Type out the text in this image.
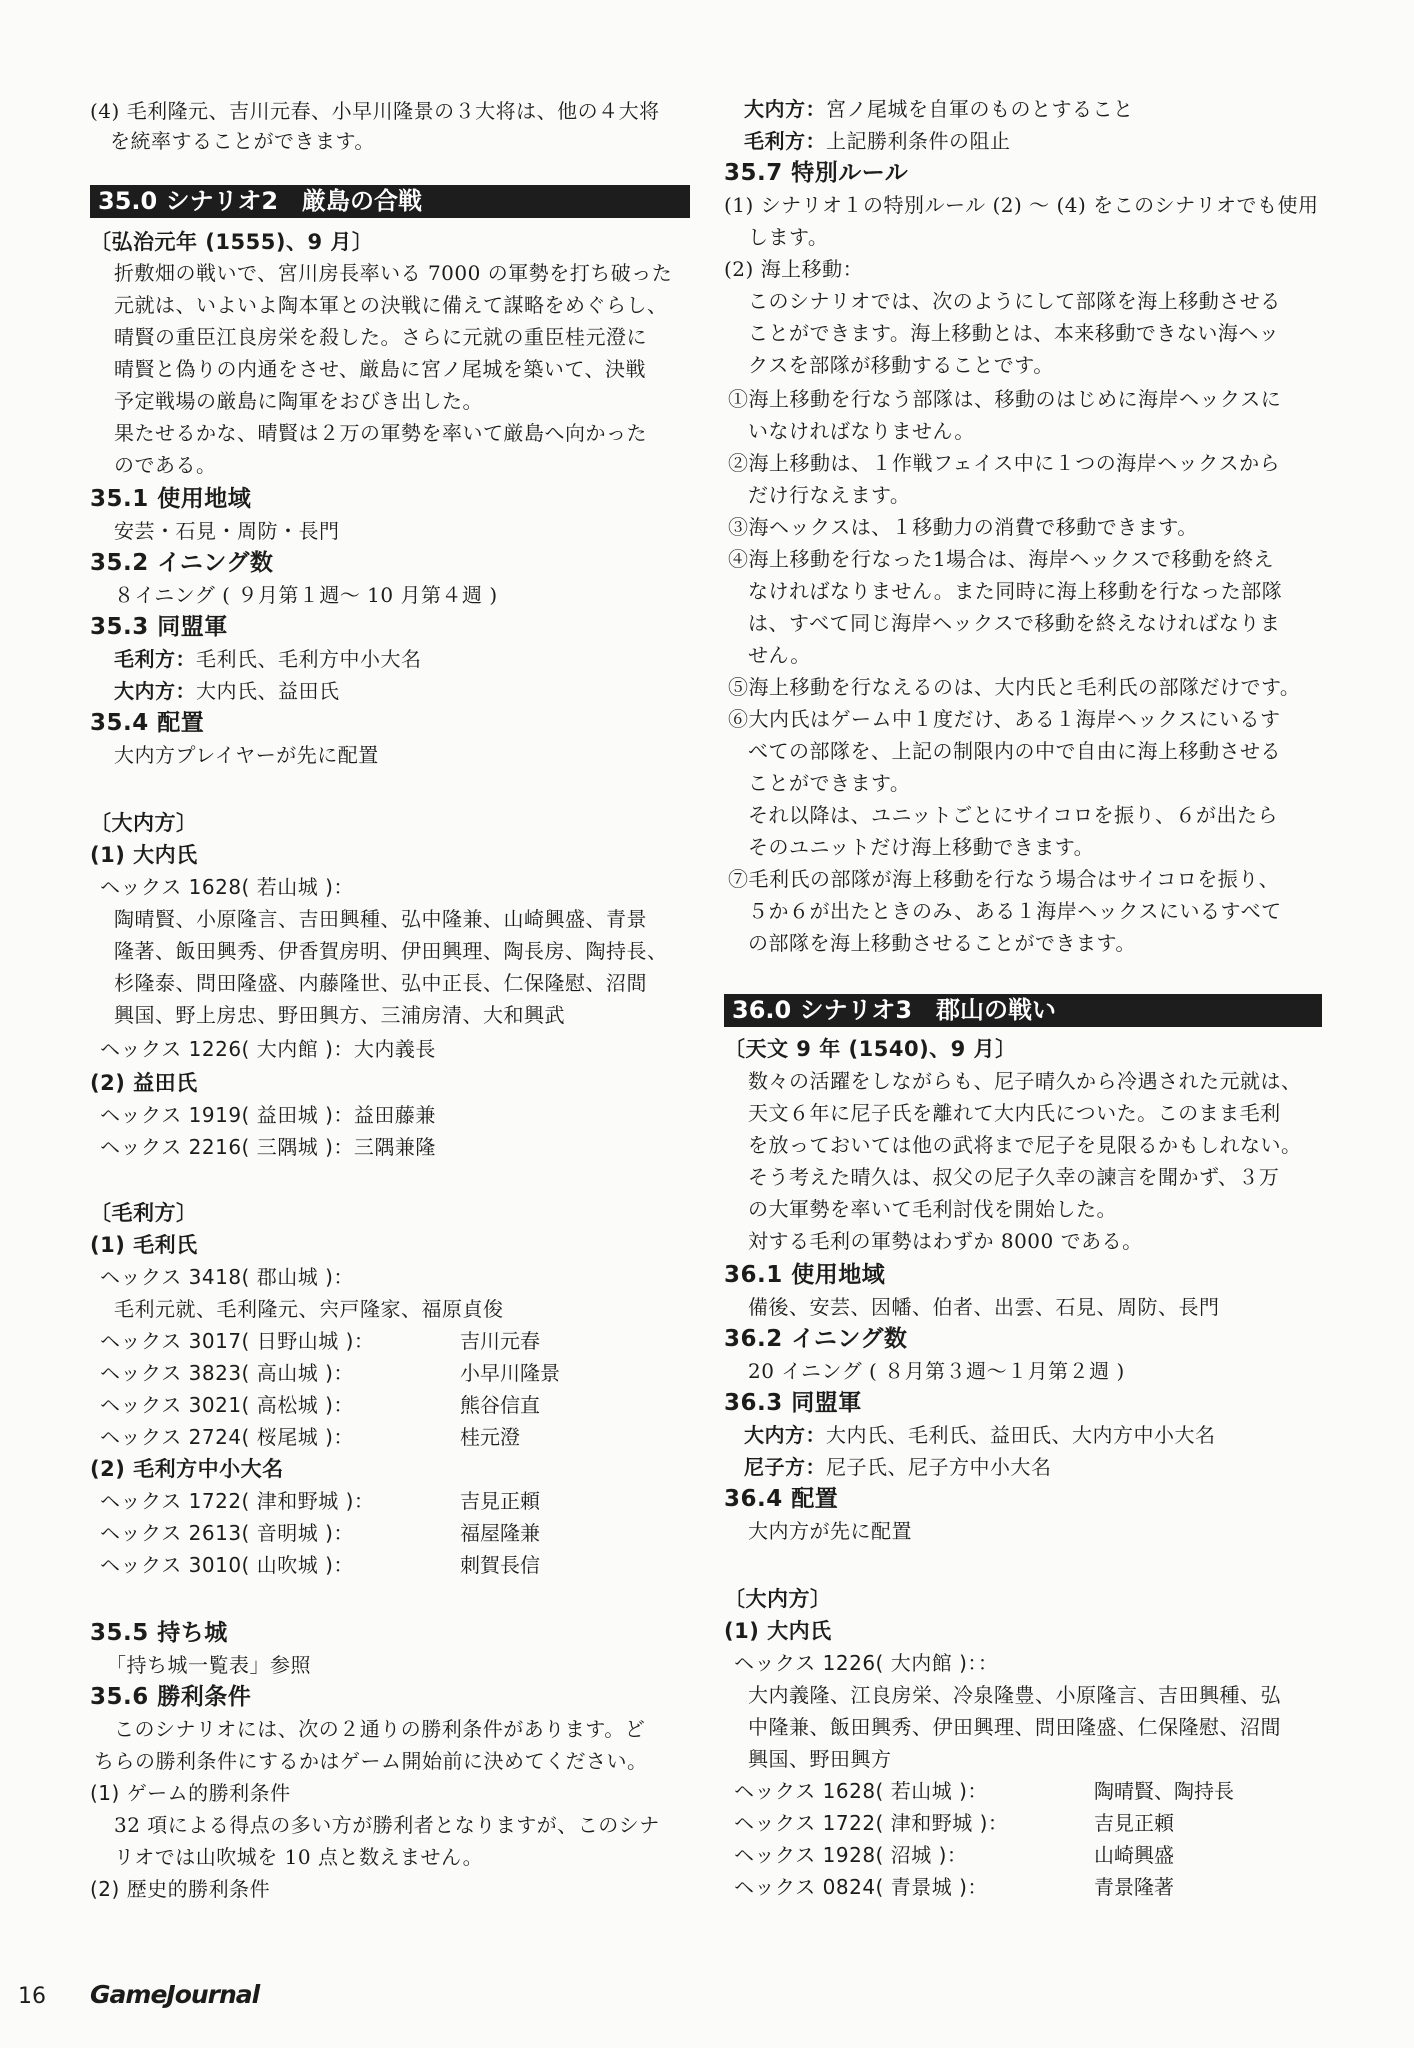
(4) 毛利隆元、吉川元春、小早川隆景の３大将は、他の４大将
を統率することができます。
35.0 シナリオ2　厳島の合戦
〔弘治元年 (1555)、9 月〕
折敷畑の戦いで、宮川房長率いる 7000 の軍勢を打ち破った
元就は、いよいよ陶本軍との決戦に備えて謀略をめぐらし、
晴賢の重臣江良房栄を殺した。さらに元就の重臣桂元澄に
晴賢と偽りの内通をさせ、厳島に宮ノ尾城を築いて、決戦
予定戦場の厳島に陶軍をおびき出した。
果たせるかな、晴賢は２万の軍勢を率いて厳島へ向かった
のである。
35.1 使用地域
安芸・石見・周防・長門
35.2 イニング数
８イニング ( ９月第１週～ 10 月第４週 )
35.3 同盟軍
毛利方：毛利氏、毛利方中小大名
大内方：大内氏、益田氏
35.4 配置
大内方プレイヤーが先に配置
〔大内方〕
(1) 大内氏
ヘックス 1628( 若山城 )：
陶晴賢、小原隆言、吉田興種、弘中隆兼、山崎興盛、青景
隆著、飯田興秀、伊香賀房明、伊田興理、陶長房、陶持長、
杉隆泰、問田隆盛、内藤隆世、弘中正長、仁保隆慰、沼間
興国、野上房忠、野田興方、三浦房清、大和興武
ヘックス 1226( 大内館 )：大内義長
(2) 益田氏
ヘックス 1919( 益田城 )：益田藤兼
ヘックス 2216( 三隅城 )：三隅兼隆
〔毛利方〕
(1) 毛利氏
ヘックス 3418( 郡山城 )：
毛利元就、毛利隆元、宍戸隆家、福原貞俊
ヘックス 3017( 日野山城 )：	吉川元春
ヘックス 3823( 高山城 )：	小早川隆景
ヘックス 3021( 高松城 )：	熊谷信直
ヘックス 2724( 桜尾城 )：	桂元澄
(2) 毛利方中小大名
ヘックス 1722( 津和野城 )：	吉見正頼
ヘックス 2613( 音明城 )：	福屋隆兼
ヘックス 3010( 山吹城 )：	刺賀長信
35.5 持ち城
「持ち城一覧表」参照
35.6 勝利条件
このシナリオには、次の２通りの勝利条件があります。ど
ちらの勝利条件にするかはゲーム開始前に決めてください。
(1) ゲーム的勝利条件
32 項による得点の多い方が勝利者となりますが、このシナ
リオでは山吹城を 10 点と数えません。
(2) 歴史的勝利条件
大内方：宮ノ尾城を自軍のものとすること
毛利方：上記勝利条件の阻止
35.7 特別ルール
(1) シナリオ１の特別ルール (2) ～ (4) をこのシナリオでも使用
します。
(2) 海上移動：
このシナリオでは、次のようにして部隊を海上移動させる
ことができます。海上移動とは、本来移動できない海ヘッ
クスを部隊が移動することです。
①海上移動を行なう部隊は、移動のはじめに海岸ヘックスに
いなければなりません。
②海上移動は、１作戦フェイス中に１つの海岸ヘックスから
だけ行なえます。
③海ヘックスは、１移動力の消費で移動できます。
④海上移動を行なった1場合は、海岸ヘックスで移動を終え
なければなりません。また同時に海上移動を行なった部隊
は、すべて同じ海岸ヘックスで移動を終えなければなりま
せん。
⑤海上移動を行なえるのは、大内氏と毛利氏の部隊だけです。
⑥大内氏はゲーム中１度だけ、ある１海岸ヘックスにいるす
べての部隊を、上記の制限内の中で自由に海上移動させる
ことができます。
それ以降は、ユニットごとにサイコロを振り、６が出たら
そのユニットだけ海上移動できます。
⑦毛利氏の部隊が海上移動を行なう場合はサイコロを振り、
５か６が出たときのみ、ある１海岸ヘックスにいるすべて
の部隊を海上移動させることができます。
36.0 シナリオ3　郡山の戦い
〔天文 9 年 (1540)、9 月〕
数々の活躍をしながらも、尼子晴久から冷遇された元就は、
天文６年に尼子氏を離れて大内氏についた。このまま毛利
を放っておいては他の武将まで尼子を見限るかもしれない。
そう考えた晴久は、叔父の尼子久幸の諫言を聞かず、３万
の大軍勢を率いて毛利討伐を開始した。
対する毛利の軍勢はわずか 8000 である。
36.1 使用地域
備後、安芸、因幡、伯者、出雲、石見、周防、長門
36.2 イニング数
20 イニング ( ８月第３週～１月第２週 )
36.3 同盟軍
大内方：大内氏、毛利氏、益田氏、大内方中小大名
尼子方：尼子氏、尼子方中小大名
36.4 配置
大内方が先に配置
〔大内方〕
(1) 大内氏
ヘックス 1226( 大内館 )：：
大内義隆、江良房栄、冷泉隆豊、小原隆言、吉田興種、弘
中隆兼、飯田興秀、伊田興理、問田隆盛、仁保隆慰、沼間
興国、野田興方
ヘックス 1628( 若山城 )：	陶晴賢、陶持長
ヘックス 1722( 津和野城 )：	吉見正頼
ヘックス 1928( 沼城 )：	山崎興盛
ヘックス 0824( 青景城 )：	青景隆著
16 GameJournal
